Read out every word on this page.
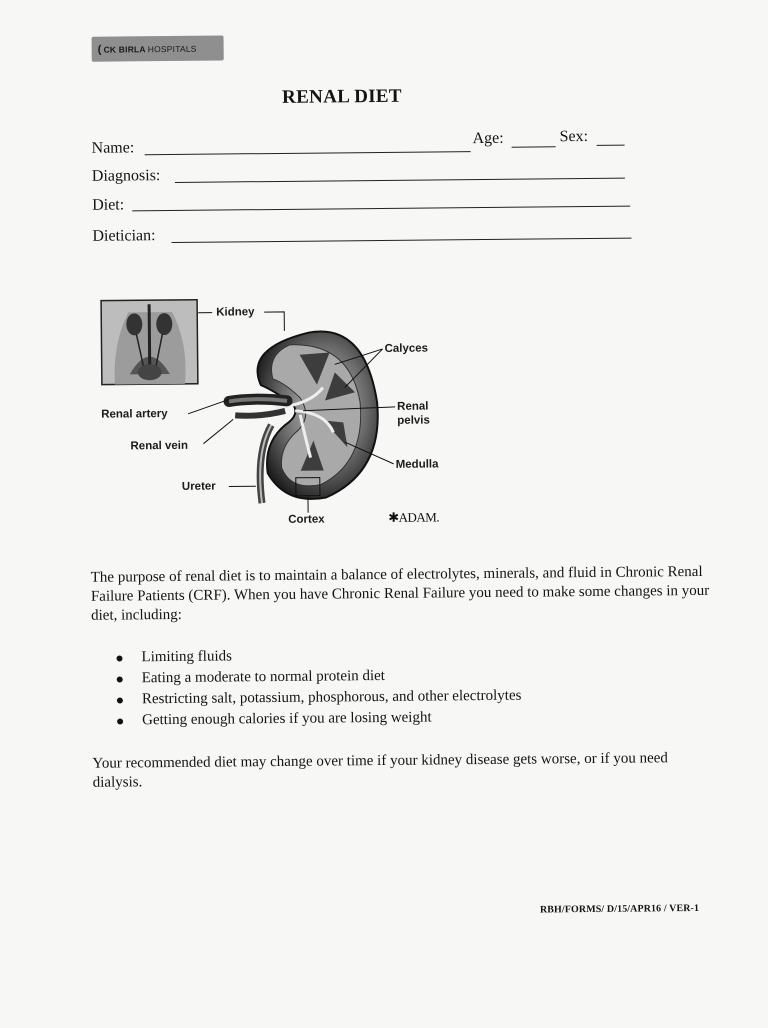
( CK BIRLA HOSPITALS
RENAL DIET
Name:
Age:	Sex:
Diagnosis:
Diet:
Dietician:
Kidney
Calyces
Renal artery
Renal pelvis
Renal vein
Medulla
Ureter
Cortex	✱ADAM.
The purpose of renal diet is to maintain a balance of electrolytes, minerals, and fluid in Chronic Renal Failure Patients (CRF). When you have Chronic Renal Failure you need to make some changes in your diet, including:
Limiting fluids
Eating a moderate to normal protein diet
Restricting salt, potassium, phosphorous, and other electrolytes
Getting enough calories if you are losing weight
Your recommended diet may change over time if your kidney disease gets worse, or if you need dialysis.
RBH/FORMS/ D/15/APR16 / VER-1
